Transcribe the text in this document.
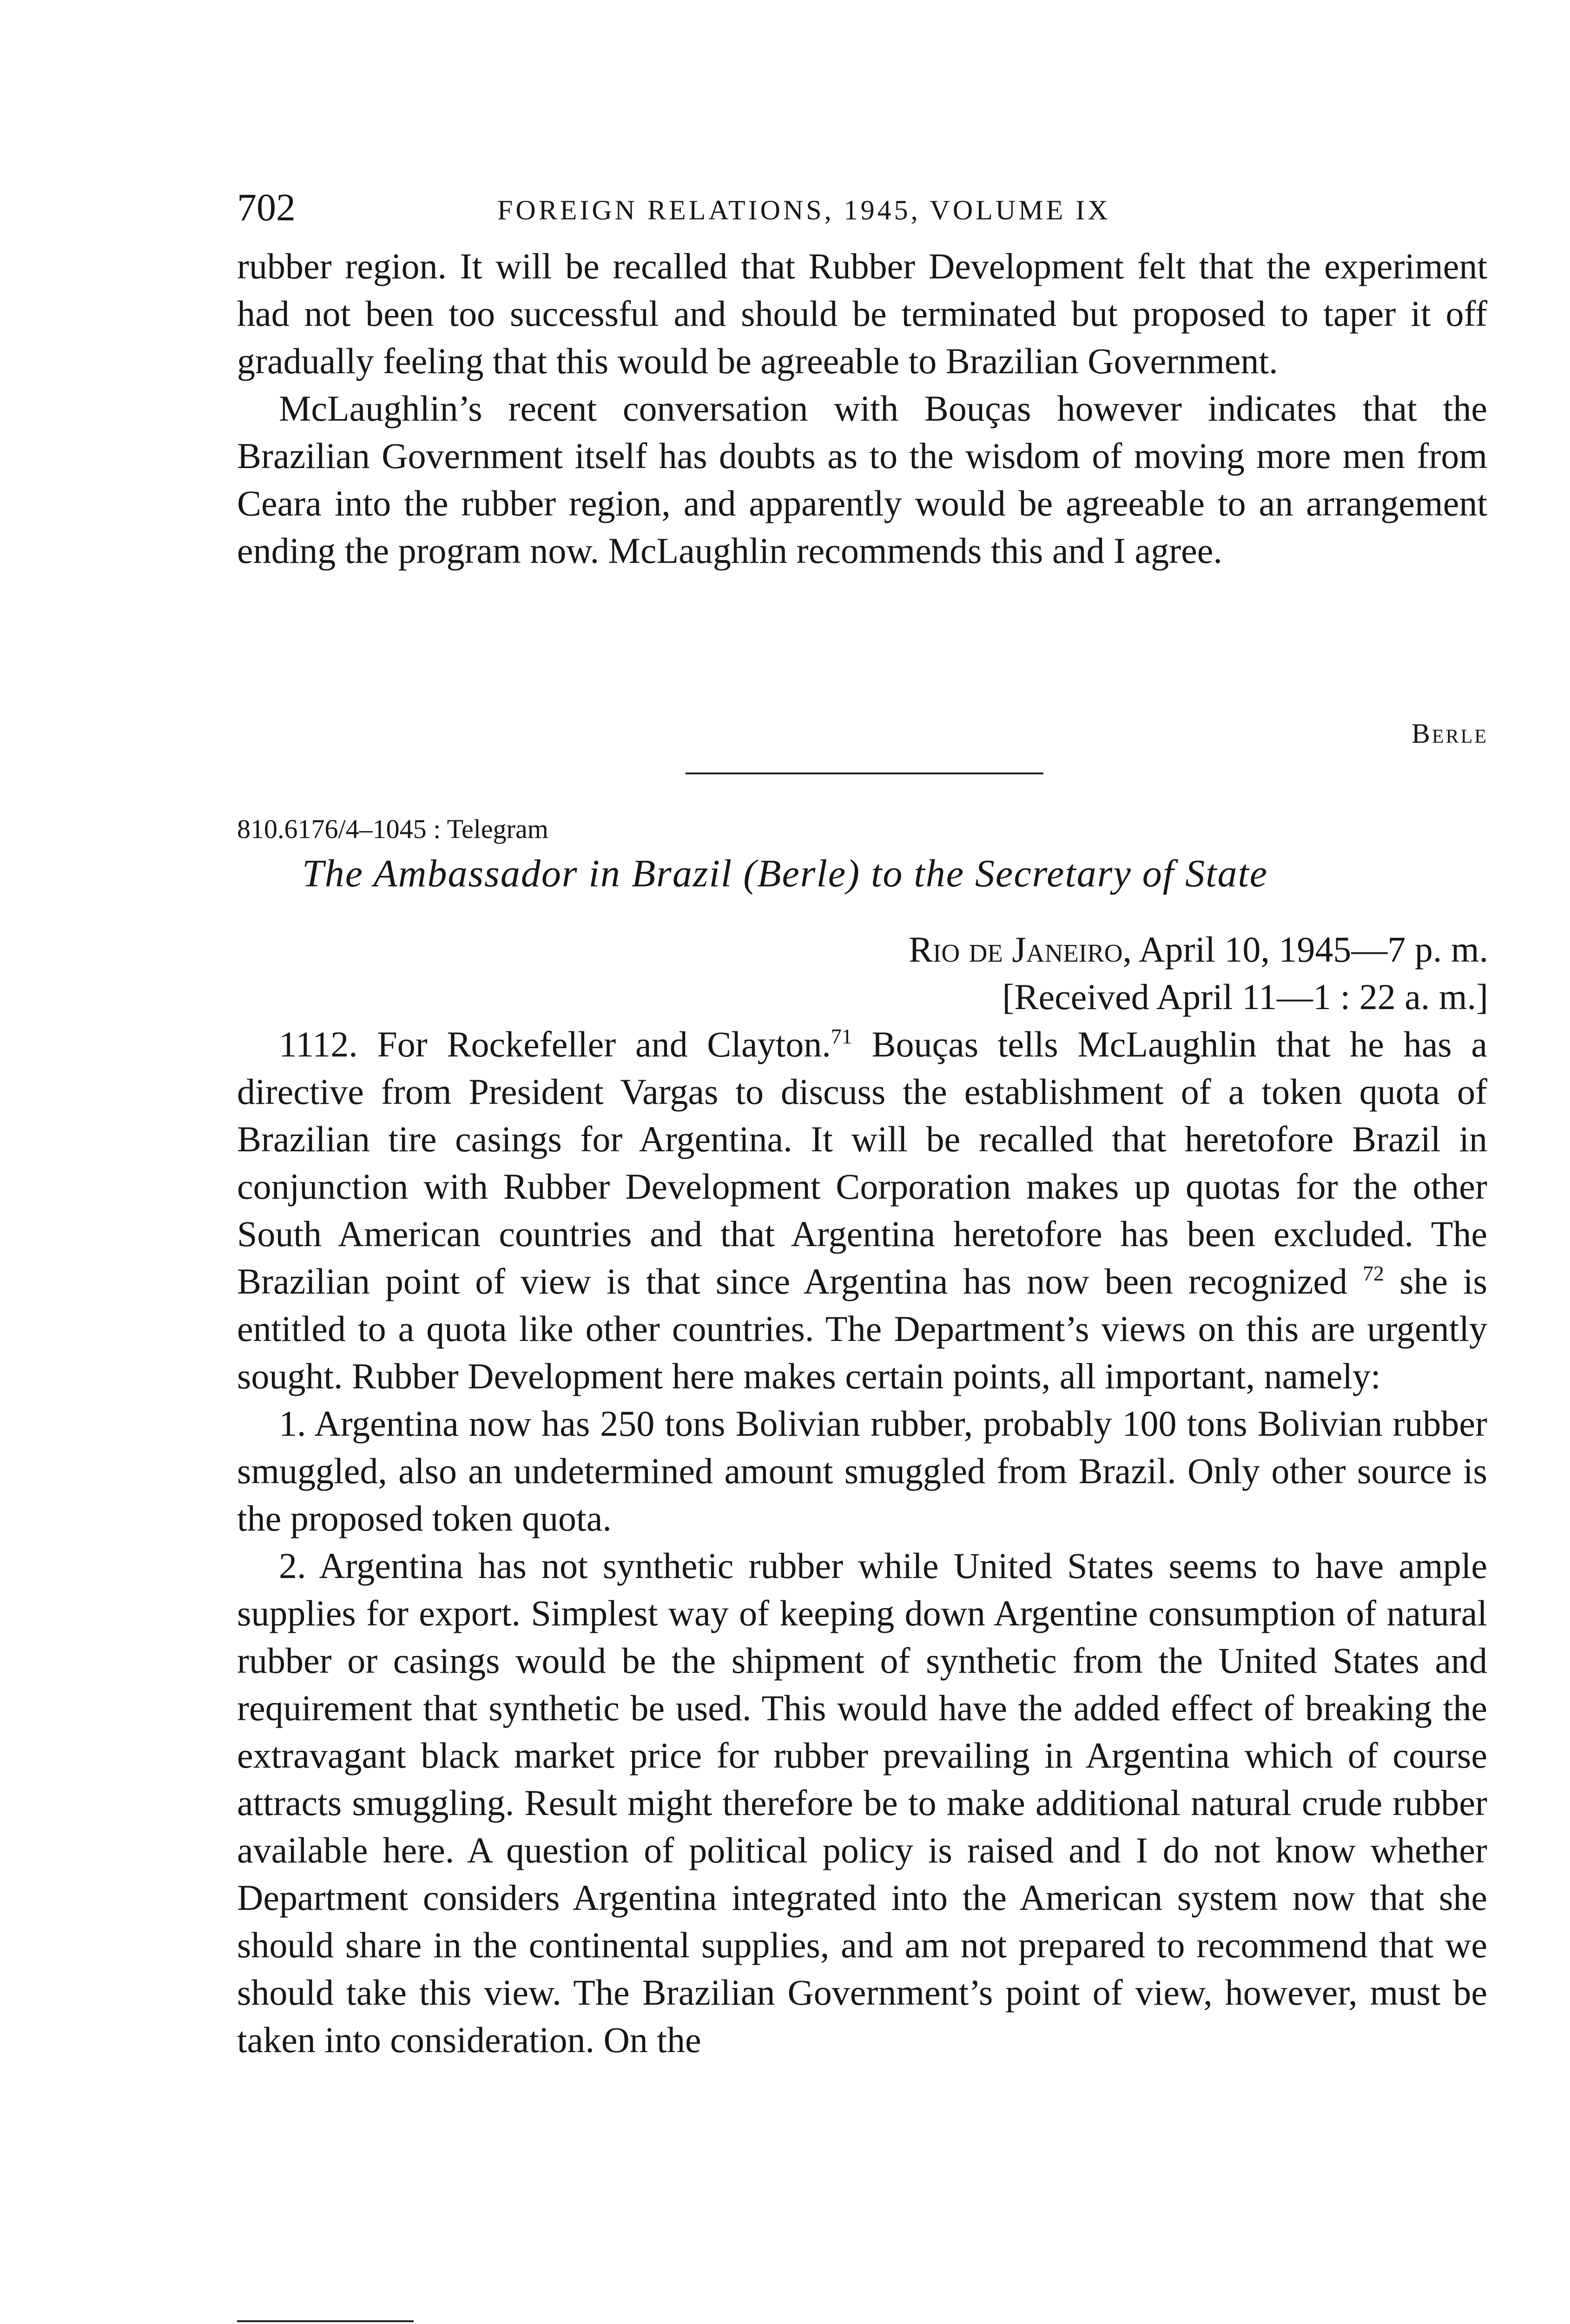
702	FOREIGN RELATIONS, 1945, VOLUME IX

rubber region. It will be recalled that Rubber Development felt that the experiment had not been too successful and should be terminated but proposed to taper it off gradually feeling that this would be agreeable to Brazilian Government.

McLaughlin’s recent conversation with Bouças however indicates that the Brazilian Government itself has doubts as to the wisdom of moving more men from Ceara into the rubber region, and apparently would be agreeable to an arrangement ending the program now. McLaughlin recommends this and I agree.

Berle
810.6176/4–1045 : Telegram
The Ambassador in Brazil (Berle) to the Secretary of State
Rio de Janeiro, April 10, 1945—7 p. m.
[Received April 11—1 : 22 a. m.]

1112. For Rockefeller and Clayton.$^{71}$ Bouças tells McLaughlin that he has a directive from President Vargas to discuss the establishment of a token quota of Brazilian tire casings for Argentina. It will be recalled that heretofore Brazil in conjunction with Rubber Development Corporation makes up quotas for the other South American countries and that Argentina heretofore has been excluded. The Brazilian point of view is that since Argentina has now been recognized $^{72}$ she is entitled to a quota like other countries. The Department’s views on this are urgently sought. Rubber Development here makes certain points, all important, namely:

1. Argentina now has 250 tons Bolivian rubber, probably 100 tons Bolivian rubber smuggled, also an undetermined amount smuggled from Brazil. Only other source is the proposed token quota.

2. Argentina has not synthetic rubber while United States seems to have ample supplies for export. Simplest way of keeping down Argentine consumption of natural rubber or casings would be the shipment of synthetic from the United States and requirement that synthetic be used. This would have the added effect of breaking the extravagant black market price for rubber prevailing in Argentina which of course attracts smuggling. Result might therefore be to make additional natural crude rubber available here. A question of political policy is raised and I do not know whether Department considers Argentina integrated into the American system now that she should share in the continental supplies, and am not prepared to recommend that we should take this view. The Brazilian Government’s point of view, however, must be taken into consideration. On the
